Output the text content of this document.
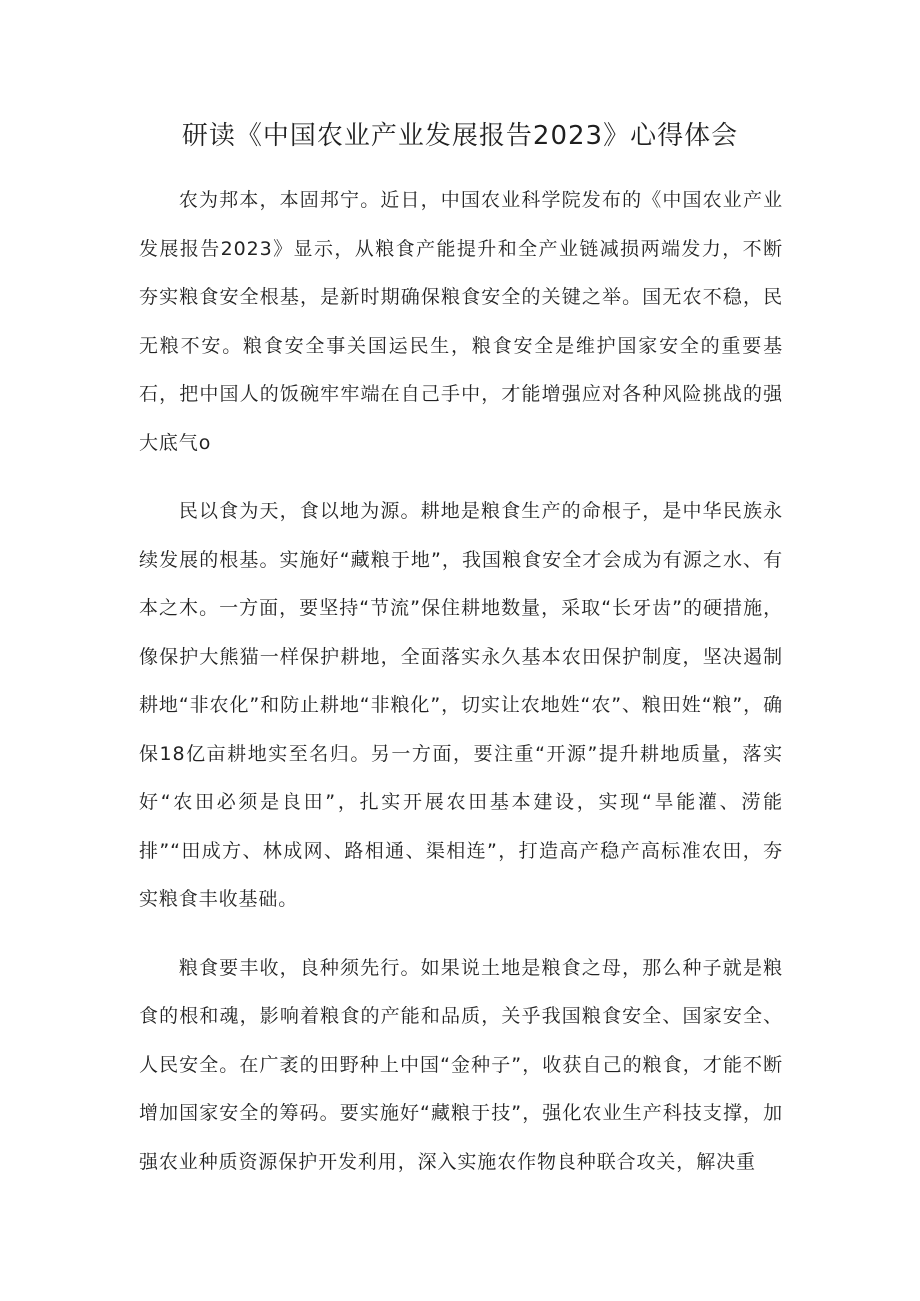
研读《中国农业产业发展报告2023》心得体会

农为邦本，本固邦宁。近日，中国农业科学院发布的《中国农业产业发展报告2023》显示，从粮食产能提升和全产业链减损两端发力，不断夯实粮食安全根基，是新时期确保粮食安全的关键之举。国无农不稳，民无粮不安。粮食安全事关国运民生，粮食安全是维护国家安全的重要基石，把中国人的饭碗牢牢端在自己手中，才能增强应对各种风险挑战的强大底气o

民以食为天，食以地为源。耕地是粮食生产的命根子，是中华民族永续发展的根基。实施好“藏粮于地”，我国粮食安全才会成为有源之水、有本之木。一方面，要坚持“节流”保住耕地数量，采取“长牙齿”的硬措施，像保护大熊猫一样保护耕地，全面落实永久基本农田保护制度，坚决遏制耕地“非农化”和防止耕地“非粮化”，切实让农地姓“农”、粮田姓“粮”，确保18亿亩耕地实至名归。另一方面，要注重“开源”提升耕地质量，落实好“农田必须是良田”，扎实开展农田基本建设，实现“旱能灌、涝能排”“田成方、林成网、路相通、渠相连”，打造高产稳产高标准农田，夯实粮食丰收基础。

粮食要丰收，良种须先行。如果说土地是粮食之母，那么种子就是粮食的根和魂，影响着粮食的产能和品质，关乎我国粮食安全、国家安全、人民安全。在广袤的田野种上中国“金种子”，收获自己的粮食，才能不断增加国家安全的筹码。要实施好“藏粮于技”，强化农业生产科技支撑，加强农业种质资源保护开发利用，深入实施农作物良种联合攻关，解决重
